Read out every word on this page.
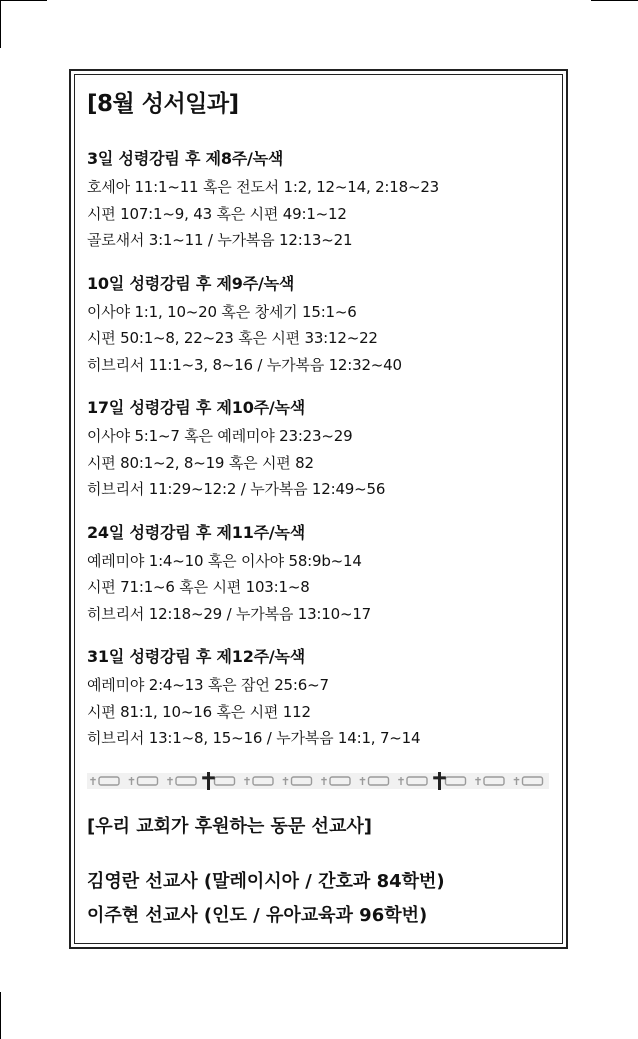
[8월 성서일과]
3일 성령강림 후 제8주/녹색
호세아 11:1~11 혹은 전도서 1:2, 12~14, 2:18~23
시편 107:1~9, 43 혹은 시편 49:1~12
골로새서 3:1~11 / 누가복음 12:13~21
10일 성령강림 후 제9주/녹색
이사야 1:1, 10~20 혹은 창세기 15:1~6
시편 50:1~8, 22~23 혹은 시편 33:12~22
히브리서 11:1~3, 8~16 / 누가복음 12:32~40
17일 성령강림 후 제10주/녹색
이사야 5:1~7 혹은 예레미야 23:23~29
시편 80:1~2, 8~19 혹은 시편 82
히브리서 11:29~12:2 / 누가복음 12:49~56
24일 성령강림 후 제11주/녹색
예레미야 1:4~10 혹은 이사야 58:9b~14
시편 71:1~6 혹은 시편 103:1~8
히브리서 12:18~29 / 누가복음 13:10~17
31일 성령강림 후 제12주/녹색
예레미야 2:4~13 혹은 잠언 25:6~7
시편 81:1, 10~16 혹은 시편 112
히브리서 13:1~8, 15~16 / 누가복음 14:1, 7~14
[우리 교회가 후원하는 동문 선교사]
김영란 선교사 (말레이시아 / 간호과 84학번)
이주현 선교사 (인도 / 유아교육과 96학번)
